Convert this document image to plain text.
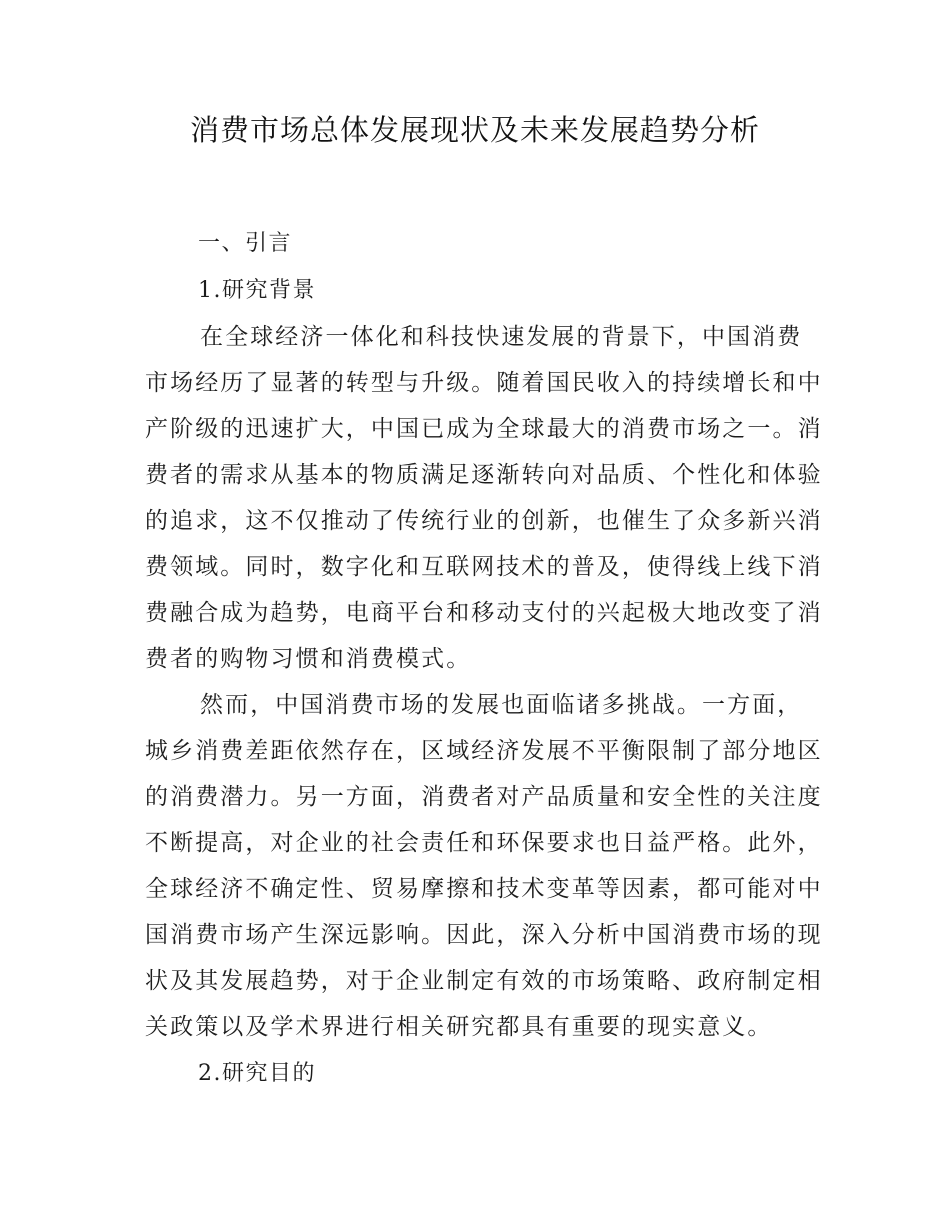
消费市场总体发展现状及未来发展趋势分析
一、引言
1.研究背景
在全球经济一体化和科技快速发展的背景下，中国消费
市场经历了显著的转型与升级。随着国民收入的持续增长和中
产阶级的迅速扩大，中国已成为全球最大的消费市场之一。消
费者的需求从基本的物质满足逐渐转向对品质、个性化和体验
的追求，这不仅推动了传统行业的创新，也催生了众多新兴消
费领域。同时，数字化和互联网技术的普及，使得线上线下消
费融合成为趋势，电商平台和移动支付的兴起极大地改变了消
费者的购物习惯和消费模式。
然而，中国消费市场的发展也面临诸多挑战。一方面，
城乡消费差距依然存在，区域经济发展不平衡限制了部分地区
的消费潜力。另一方面，消费者对产品质量和安全性的关注度
不断提高，对企业的社会责任和环保要求也日益严格。此外，
全球经济不确定性、贸易摩擦和技术变革等因素，都可能对中
国消费市场产生深远影响。因此，深入分析中国消费市场的现
状及其发展趋势，对于企业制定有效的市场策略、政府制定相
关政策以及学术界进行相关研究都具有重要的现实意义。
2.研究目的
